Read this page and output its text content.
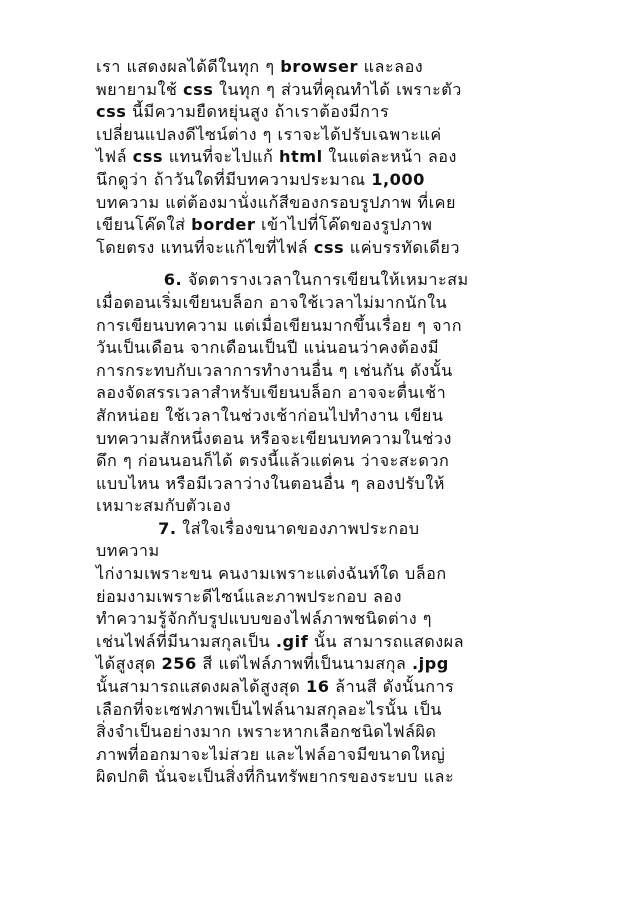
เรา แสดงผลได้ดีในทุก ๆ browser และลอง
พยายามใช้ css ในทุก ๆ ส่วนที่คุณทำได้ เพราะตัว
css นี้มีความยืดหยุ่นสูง ถ้าเราต้องมีการ
เปลี่ยนแปลงดีไซน์ต่าง ๆ เราจะได้ปรับเฉพาะแค่
ไฟล์ css แทนที่จะไปแก้ html ในแต่ละหน้า ลอง
นึกดูว่า ถ้าวันใดที่มีบทความประมาณ 1,000
บทความ แต่ต้องมานั่งแก้สีของกรอบรูปภาพ ที่เคย
เขียนโค๊ดใส่ border เข้าไปที่โค๊ดของรูปภาพ
โดยตรง แทนที่จะแก้ไขที่ไฟล์ css แค่บรรทัดเดียว
6. จัดตารางเวลาในการเขียนให้เหมาะสม
เมื่อตอนเริ่มเขียนบล็อก อาจใช้เวลาไม่มากนักใน
การเขียนบทความ แต่เมื่อเขียนมากขึ้นเรื่อย ๆ จาก
วันเป็นเดือน จากเดือนเป็นปี แน่นอนว่าคงต้องมี
การกระทบกับเวลาการทำงานอื่น ๆ เช่นกัน ดังนั้น
ลองจัดสรรเวลาสำหรับเขียนบล็อก อาจจะตื่นเช้า
สักหน่อย ใช้เวลาในช่วงเช้าก่อนไปทำงาน เขียน
บทความสักหนึ่งตอน หรือจะเขียนบทความในช่วง
ดึก ๆ ก่อนนอนก็ได้ ตรงนี้แล้วแต่คน ว่าจะสะดวก
แบบไหน หรือมีเวลาว่างในตอนอื่น ๆ ลองปรับให้
เหมาะสมกับตัวเอง
7. ใส่ใจเรื่องขนาดของภาพประกอบ
บทความ
ไก่งามเพราะขน คนงามเพราะแต่งฉันท์ใด บล็อก
ย่อมงามเพราะดีไซน์และภาพประกอบ ลอง
ทำความรู้จักกับรูปแบบของไฟล์ภาพชนิดต่าง ๆ
เช่นไฟล์ที่มีนามสกุลเป็น .gif นั้น สามารถแสดงผล
ได้สูงสุด 256 สี แต่ไฟล์ภาพที่เป็นนามสกุล .jpg
นั้นสามารถแสดงผลได้สูงสุด 16 ล้านสี ดังนั้นการ
เลือกที่จะเซฟภาพเป็นไฟล์นามสกุลอะไรนั้น เป็น
สิ่งจำเป็นอย่างมาก เพราะหากเลือกชนิดไฟล์ผิด
ภาพที่ออกมาจะไม่สวย และไฟล์อาจมีขนาดใหญ่
ผิดปกติ นั่นจะเป็นสิ่งที่กินทรัพยากรของระบบ และ
